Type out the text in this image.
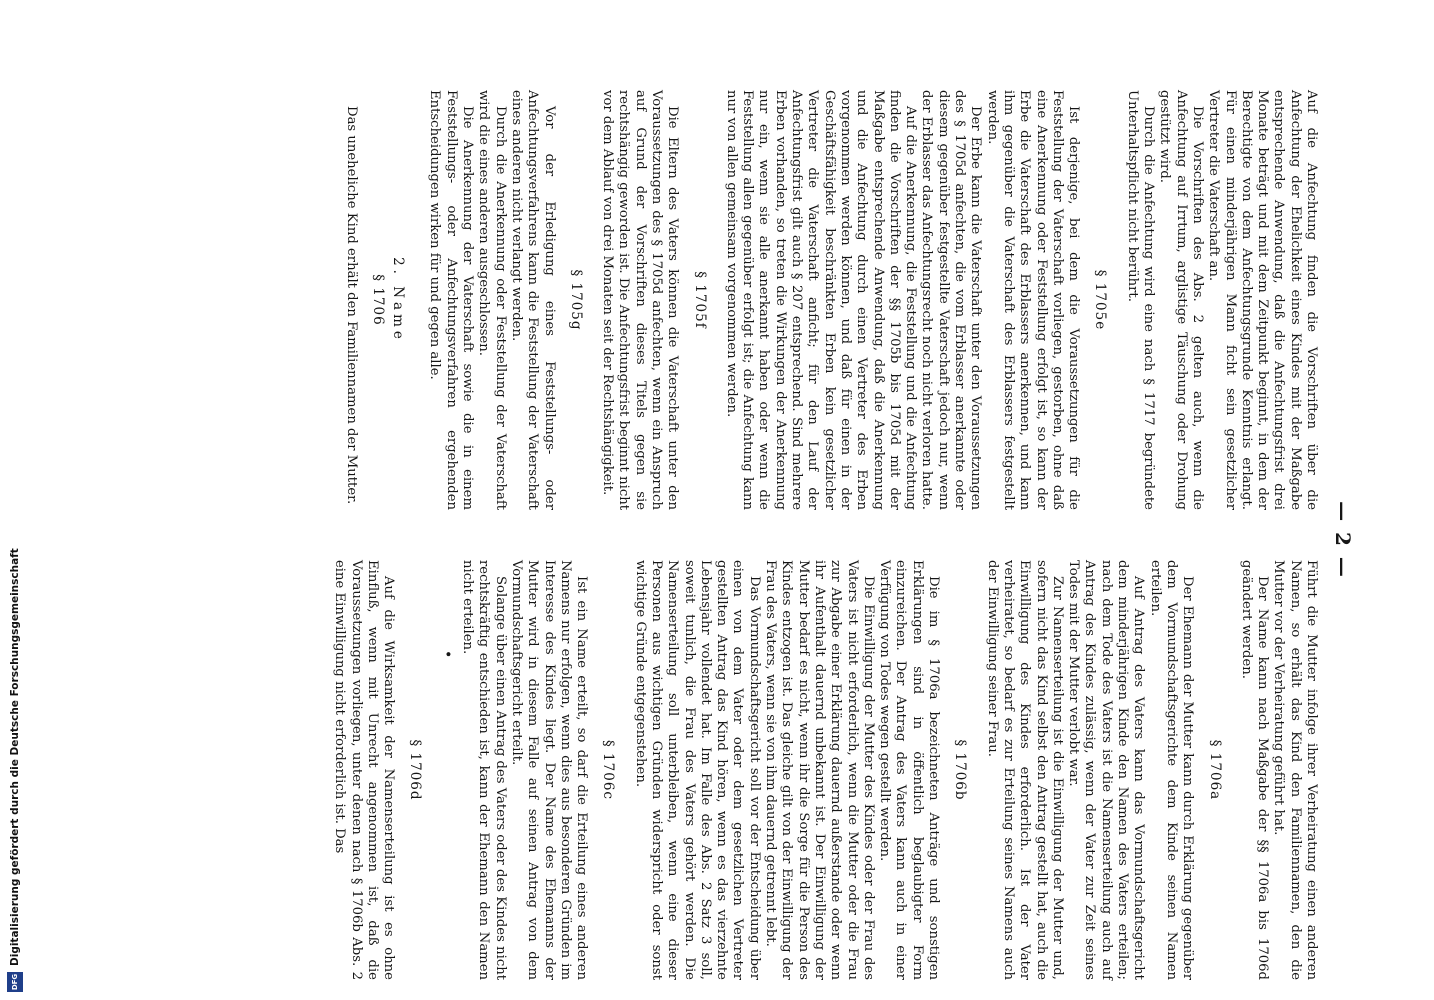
— 2 —

Auf die Anfechtung finden die Vorschriften über die Anfechtung der Ehelichkeit eines Kindes mit der Maßgabe entsprechende Anwendung, daß die Anfechtungsfrist drei Monate beträgt und mit dem Zeitpunkt beginnt, in dem der Berechtigte von dem Anfechtungsgrunde Kenntnis erlangt. Für einen minderjährigen Mann ficht sein gesetzlicher Vertreter die Vaterschaft an.

Die Vorschriften des Abs. 2 gelten auch, wenn die Anfechtung auf Irrtum, arglistige Täuschung oder Drohung gestützt wird.

Durch die Anfechtung wird eine nach § 1717 begründete Unterhaltspflicht nicht berührt.

§ 1705e

Ist derjenige, bei dem die Voraussetzungen für die Feststellung der Vaterschaft vorliegen, gestorben, ohne daß eine Anerkennung oder Feststellung erfolgt ist, so kann der Erbe die Vaterschaft des Erblassers anerkennen, und kann ihm gegenüber die Vaterschaft des Erblassers festgestellt werden.

Der Erbe kann die Vaterschaft unter den Voraussetzungen des § 1705d anfechten, die vom Erblasser anerkannte oder diesem gegenüber festgestellte Vaterschaft jedoch nur, wenn der Erblasser das Anfechtungsrecht noch nicht verloren hatte.

Auf die Anerkennung, die Feststellung und die Anfechtung finden die Vorschriften der §§ 1705b bis 1705d mit der Maßgabe entsprechende Anwendung, daß die Anerkennung und die Anfechtung durch einen Vertreter des Erben vorgenommen werden können, und daß für einen in der Geschäftsfähigkeit beschränkten Erben kein gesetzlicher Vertreter die Vaterschaft anficht; für den Lauf der Anfechtungsfrist gilt auch § 207 entsprechend. Sind mehrere Erben vorhanden, so treten die Wirkungen der Anerkennung nur ein, wenn sie alle anerkannt haben oder wenn die Feststellung allen gegenüber erfolgt ist; die Anfechtung kann nur von allen gemeinsam vorgenommen werden.

§ 1705f

Die Eltern des Vaters können die Vaterschaft unter den Voraussetzungen des § 1705d anfechten, wenn ein Anspruch auf Grund der Vorschriften dieses Titels gegen sie rechtshängig geworden ist. Die Anfechtungsfrist beginnt nicht vor dem Ablauf von drei Monaten seit der Rechtshängigkeit.

§ 1705g

Vor der Erledigung eines Feststellungs- oder Anfechtungsverfahrens kann die Feststellung der Vaterschaft eines anderen nicht verlangt werden.

Durch die Anerkennung oder Feststellung der Vaterschaft wird die eines anderen ausgeschlossen.

Die Anerkennung der Vaterschaft sowie die in einem Feststellungs- oder Anfechtungsverfahren ergehenden Entscheidungen wirken für und gegen alle.

2. Name
§ 1706

Das uneheliche Kind erhält den Familiennamen der Mutter.

Führt die Mutter infolge ihrer Verheiratung einen anderen Namen, so erhält das Kind den Familiennamen, den die Mutter vor der Verheiratung geführt hat.

Der Name kann nach Maßgabe der §§ 1706a bis 1706d geändert werden.

§ 1706a

Der Ehemann der Mutter kann durch Erklärung gegenüber dem Vormundschaftsgerichte dem Kinde seinen Namen erteilen.

Auf Antrag des Vaters kann das Vormundschaftsgericht dem minderjährigen Kinde den Namen des Vaters erteilen; nach dem Tode des Vaters ist die Namenserteilung auch auf Antrag des Kindes zulässig, wenn der Vater zur Zeit seines Todes mit der Mutter verlobt war.

Zur Namenserteilung ist die Einwilligung der Mutter und, sofern nicht das Kind selbst den Antrag gestellt hat, auch die Einwilligung des Kindes erforderlich. Ist der Vater verheiratet, so bedarf es zur Erteilung seines Namens auch der Einwilligung seiner Frau.

§ 1706b

Die im § 1706a bezeichneten Anträge und sonstigen Erklärungen sind in öffentlich beglaubigter Form einzureichen. Der Antrag des Vaters kann auch in einer Verfügung von Todes wegen gestellt werden.

Die Einwilligung der Mutter des Kindes oder der Frau des Vaters ist nicht erforderlich, wenn die Mutter oder die Frau zur Abgabe einer Erklärung dauernd außerstande oder wenn ihr Aufenthalt dauernd unbekannt ist. Der Einwilligung der Mutter bedarf es nicht, wenn ihr die Sorge für die Person des Kindes entzogen ist. Das gleiche gilt von der Einwilligung der Frau des Vaters, wenn sie von ihm dauernd getrennt lebt.

Das Vormundschaftsgericht soll vor der Entscheidung über einen von dem Vater oder dem gesetzlichen Vertreter gestellten Antrag das Kind hören, wenn es das vierzehnte Lebensjahr vollendet hat. Im Falle des Abs. 2 Satz 3 soll, soweit tunlich, die Frau des Vaters gehört werden. Die Namenserteilung soll unterbleiben, wenn eine dieser Personen aus wichtigen Gründen widerspricht oder sonst wichtige Gründe entgegenstehen.

§ 1706c

Ist ein Name erteilt, so darf die Erteilung eines anderen Namens nur erfolgen, wenn dies aus besonderen Gründen im Interesse des Kindes liegt. Der Name des Ehemanns der Mutter wird in diesem Falle auf seinen Antrag von dem Vormundschaftsgericht erteilt.

Solange über einen Antrag des Vaters oder des Kindes nicht rechtskräftig entschieden ist, kann der Ehemann den Namen nicht erteilen.

•
§ 1706d

Auf die Wirksamkeit der Namenserteilung ist es ohne Einfluß, wenn mit Unrecht angenommen ist, daß die Voraussetzungen vorliegen, unter denen nach § 1706b Abs. 2 eine Einwilligung nicht erforderlich ist. Das

DFG
Digitalisierung gefördert durch die Deutsche Forschungsgemeinschaft
